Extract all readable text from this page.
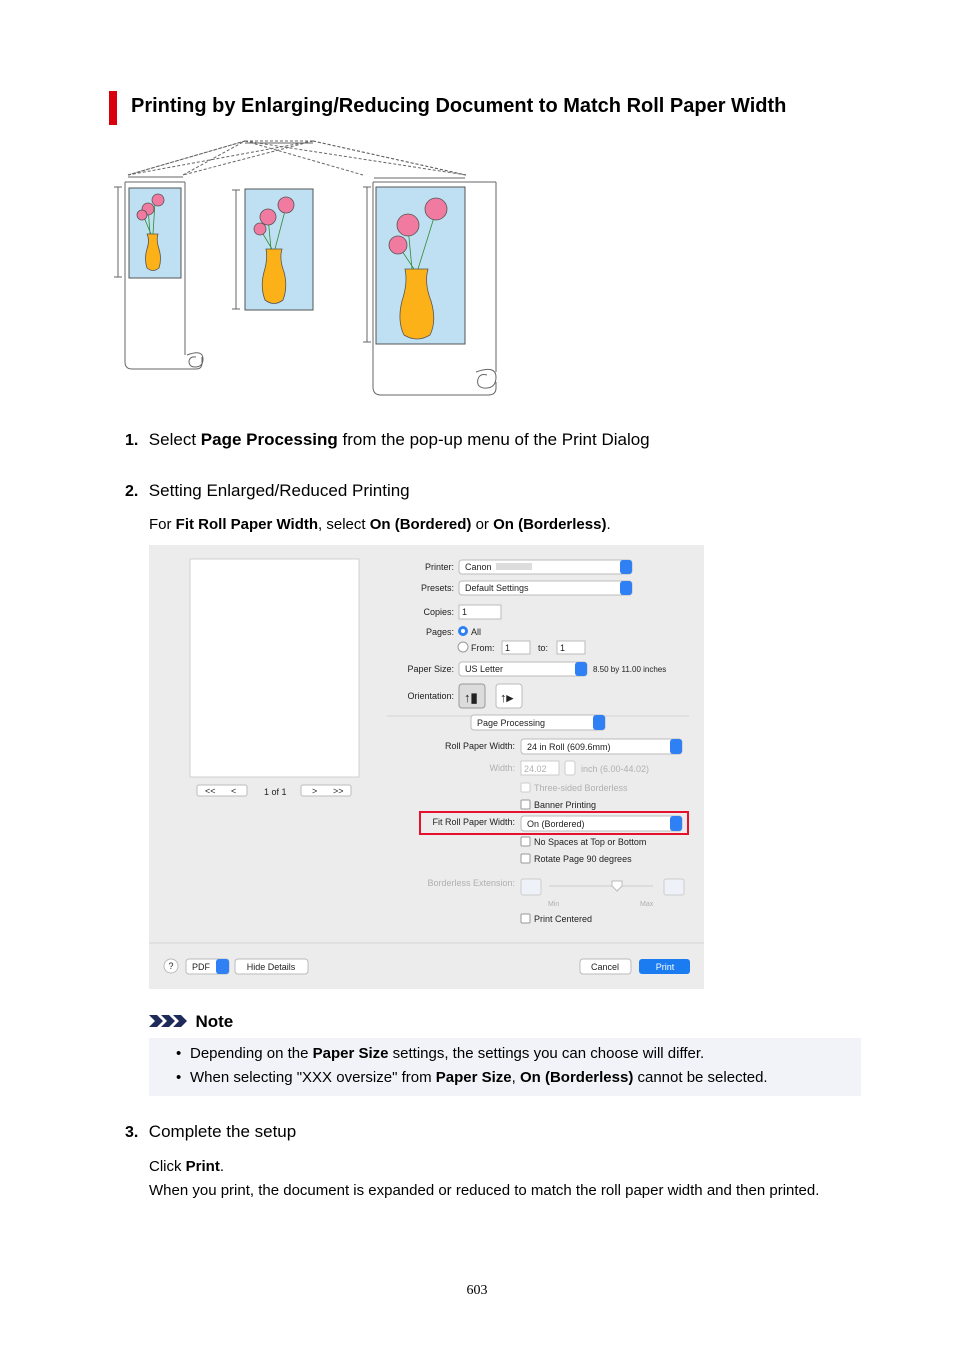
Printing by Enlarging/Reducing Document to Match Roll Paper Width
1. Select Page Processing from the pop-up menu of the Print Dialog
2. Setting Enlarged/Reduced Printing
For Fit Roll Paper Width, select On (Bordered) or On (Borderless).
<< <	1 of 1	> >>
Printer: Canon
Presets: Default Settings
Copies: 1
Pages: All
From: 1	to: 1
Paper Size: US Letter	8.50 by 11.00 inches
Orientation: ↑▮ ↑▸
Page Processing
Roll Paper Width: 24 in Roll (609.6mm)
Width: 24.02	inch (6.00-44.02)
Three-sided Borderless
Banner Printing
Fit Roll Paper Width: On (Bordered)
No Spaces at Top or Bottom
Rotate Page 90 degrees
Borderless Extension:
Min	Max
Print Centered
? PDF	Hide Details	Cancel	Print
Note
• Depending on the Paper Size settings, the settings you can choose will differ.
• When selecting "XXX oversize" from Paper Size, On (Borderless) cannot be selected.
3. Complete the setup
Click Print.
When you print, the document is expanded or reduced to match the roll paper width and then printed.
603
